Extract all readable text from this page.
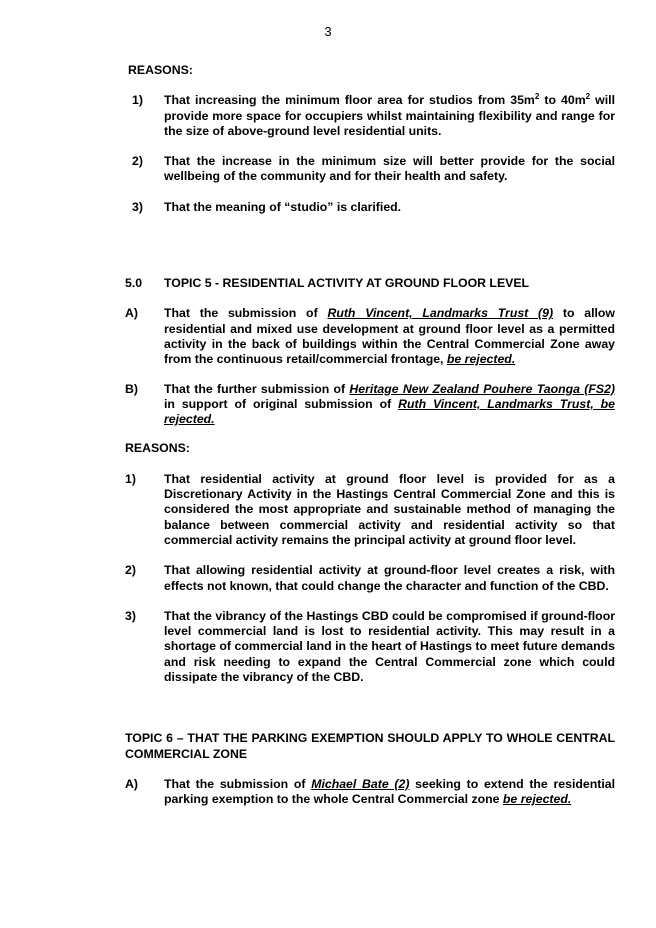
3

REASONS:

1)	That increasing the minimum floor area for studios from $35m^2$ to $40m^2$ will provide more space for occupiers whilst maintaining flexibility and range for the size of above-ground level residential units.
2)	That the increase in the minimum size will better provide for the social wellbeing of the community and for their health and safety.
3)	That the meaning of “studio” is clarified.
5.0	TOPIC 5 - RESIDENTIAL ACTIVITY AT GROUND FLOOR LEVEL
A)	That the submission of Ruth Vincent, Landmarks Trust (9) to allow residential and mixed use development at ground floor level as a permitted activity in the back of buildings within the Central Commercial Zone away from the continuous retail/commercial frontage, be rejected.
B)	That the further submission of Heritage New Zealand Pouhere Taonga (FS2) in support of original submission of Ruth Vincent, Landmarks Trust, be rejected.

REASONS:

1)	That residential activity at ground floor level is provided for as a Discretionary Activity in the Hastings Central Commercial Zone and this is considered the most appropriate and sustainable method of managing the balance between commercial activity and residential activity so that commercial activity remains the principal activity at ground floor level.
2)	That allowing residential activity at ground-floor level creates a risk, with effects not known, that could change the character and function of the CBD.
3)	That the vibrancy of the Hastings CBD could be compromised if ground-floor level commercial land is lost to residential activity. This may result in a shortage of commercial land in the heart of Hastings to meet future demands and risk needing to expand the Central Commercial zone which could dissipate the vibrancy of the CBD.

TOPIC 6 – THAT THE PARKING EXEMPTION SHOULD APPLY TO WHOLE CENTRAL COMMERCIAL ZONE

A)	That the submission of Michael Bate (2) seeking to extend the residential parking exemption to the whole Central Commercial zone be rejected.
